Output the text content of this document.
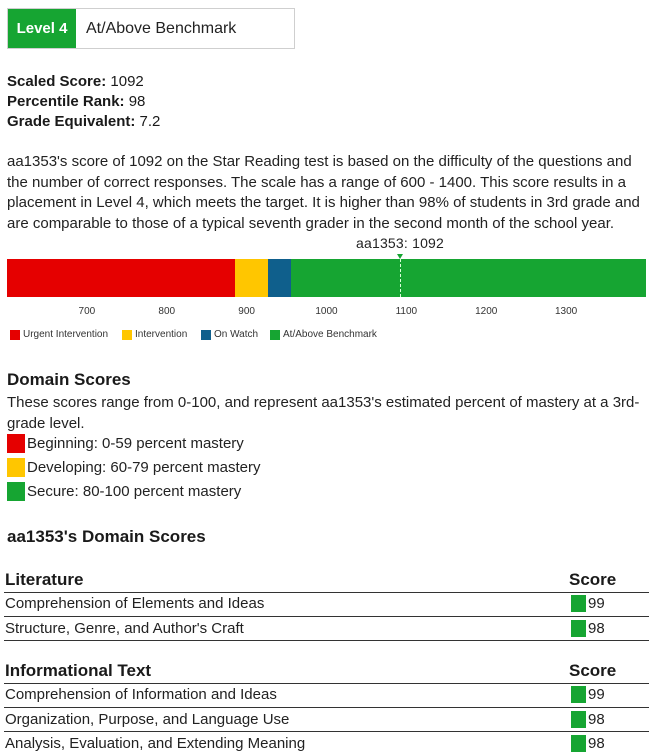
Level 4	At/Above Benchmark
Scaled Score: 1092
Percentile Rank: 98
Grade Equivalent: 7.2
aa1353's score of 1092 on the Star Reading test is based on the difficulty of the questions and the number of correct responses. The scale has a range of 600 - 1400. This score results in a placement in Level 4, which meets the target. It is higher than 98% of students in 3rd grade and are comparable to those of a typical seventh grader in the second month of the school year.
aa1353: 1092
700	800	900	1000	1100	1200	1300
Urgent Intervention	Intervention	On Watch At/Above Benchmark
Domain Scores
These scores range from 0-100, and represent aa1353's estimated percent of mastery at a 3rd-grade level.
Beginning: 0-59 percent mastery
Developing: 60-79 percent mastery
Secure: 80-100 percent mastery
aa1353's Domain Scores
Literature	Score
Comprehension of Elements and Ideas	99
Structure, Genre, and Author's Craft	98
Informational Text	Score
Comprehension of Information and Ideas	99
Organization, Purpose, and Language Use	98
Analysis, Evaluation, and Extending Meaning	98
